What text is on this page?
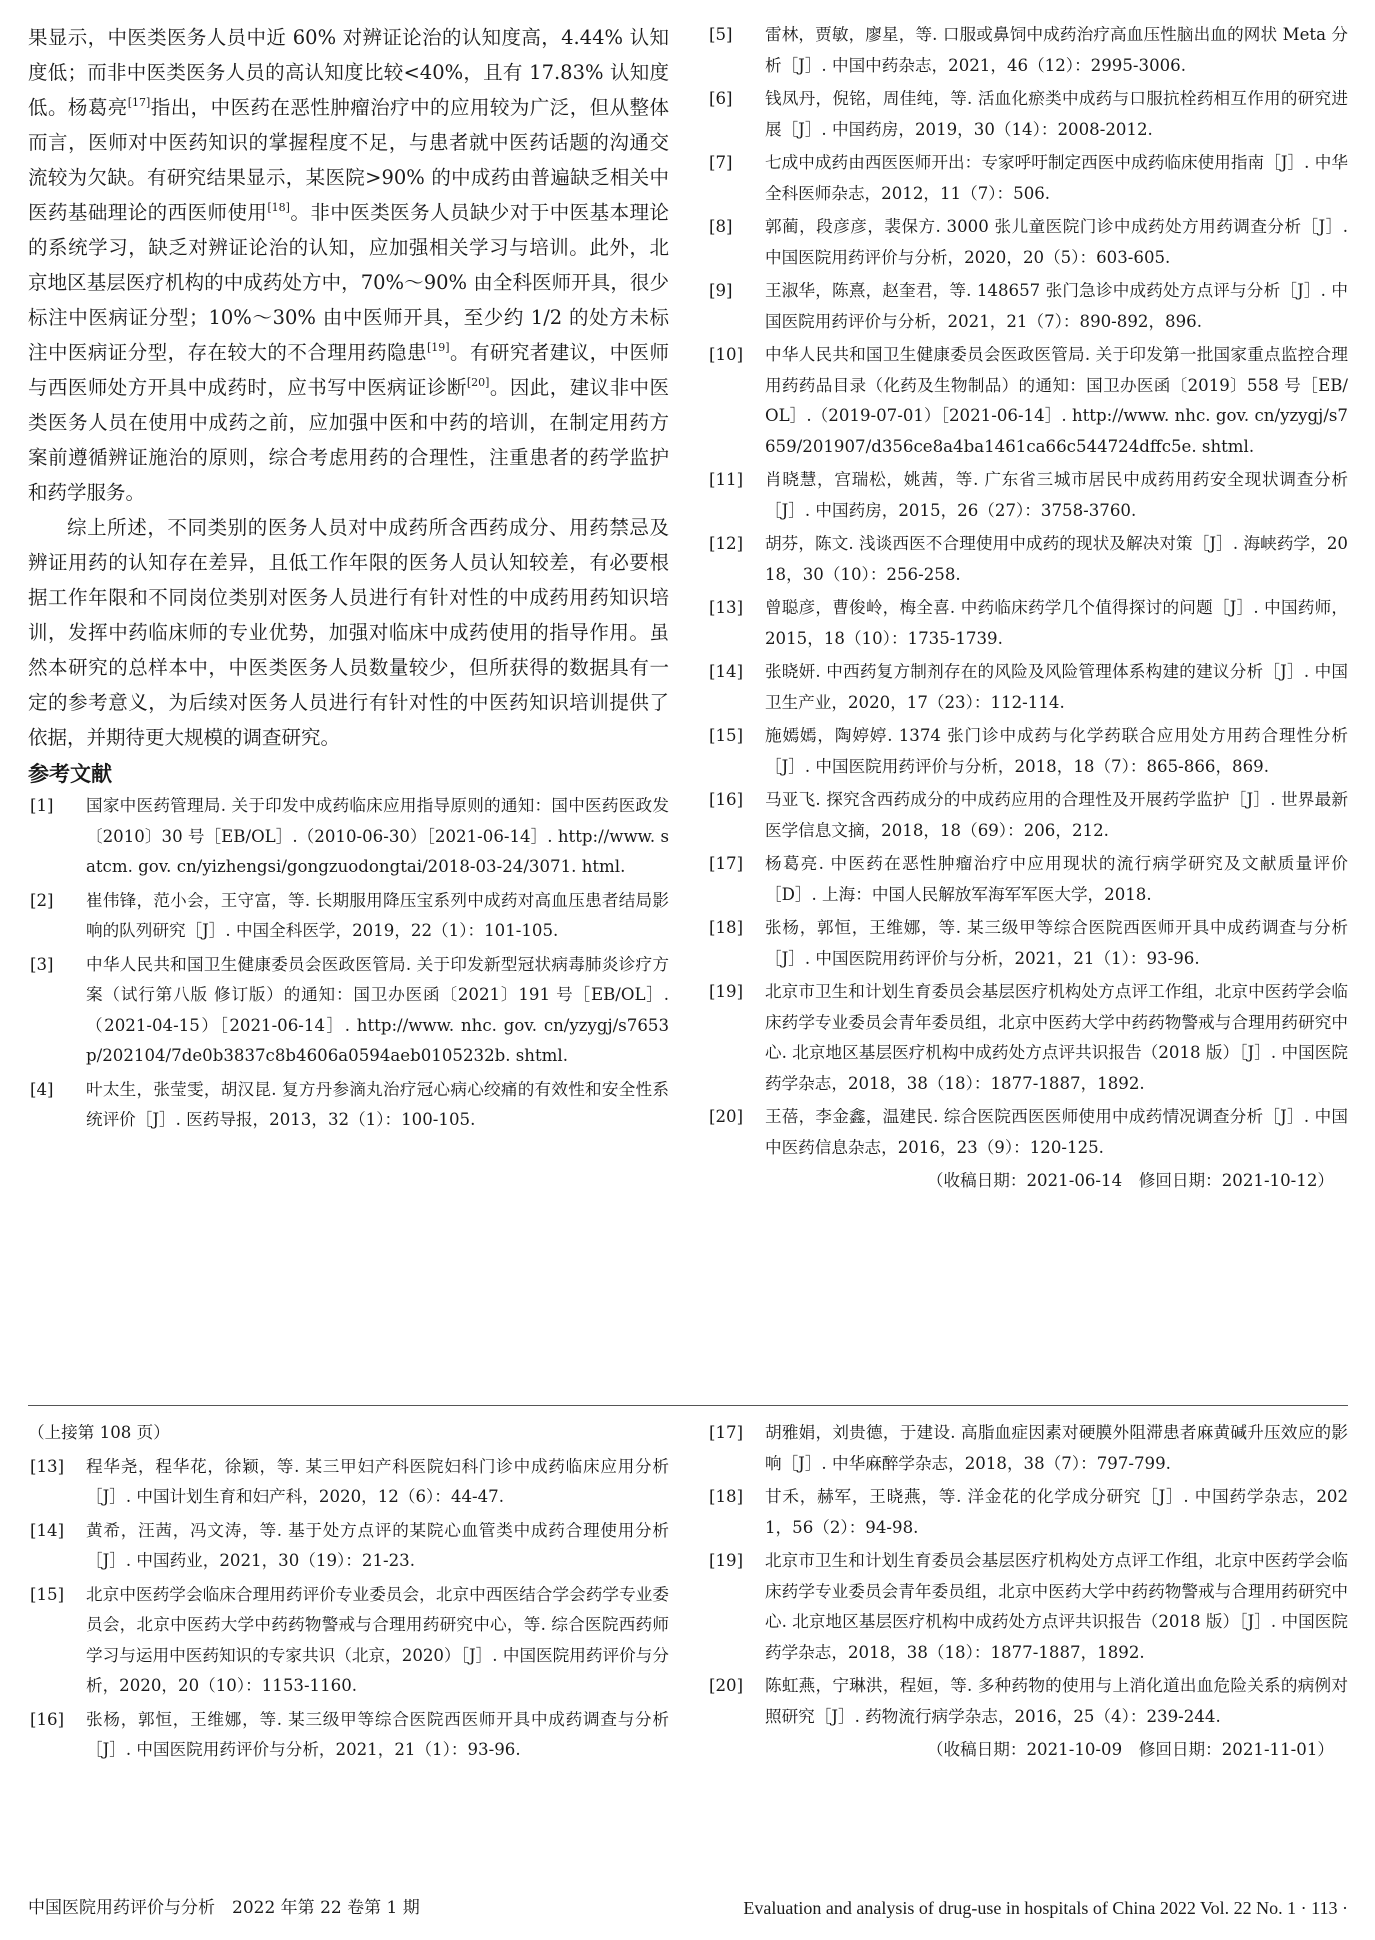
果显示，中医类医务人员中近 60% 对辨证论治的认知度高，4.44% 认知度低；而非中医类医务人员的高认知度比较<40%，且有 17.83% 认知度低。杨葛亮[17]指出，中医药在恶性肿瘤治疗中的应用较为广泛，但从整体而言，医师对中医药知识的掌握程度不足，与患者就中医药话题的沟通交流较为欠缺。有研究结果显示，某医院>90% 的中成药由普遍缺乏相关中医药基础理论的西医师使用[18]。非中医类医务人员缺少对于中医基本理论的系统学习，缺乏对辨证论治的认知，应加强相关学习与培训。此外，北京地区基层医疗机构的中成药处方中，70%～90% 由全科医师开具，很少标注中医病证分型；10%～30% 由中医师开具，至少约 1/2 的处方未标注中医病证分型，存在较大的不合理用药隐患[19]。有研究者建议，中医师与西医师处方开具中成药时，应书写中医病证诊断[20]。因此，建议非中医类医务人员在使用中成药之前，应加强中医和中药的培训，在制定用药方案前遵循辨证施治的原则，综合考虑用药的合理性，注重患者的药学监护和药学服务。

综上所述，不同类别的医务人员对中成药所含西药成分、用药禁忌及辨证用药的认知存在差异，且低工作年限的医务人员认知较差，有必要根据工作年限和不同岗位类别对医务人员进行有针对性的中成药用药知识培训，发挥中药临床师的专业优势，加强对临床中成药使用的指导作用。虽然本研究的总样本中，中医类医务人员数量较少，但所获得的数据具有一定的参考意义，为后续对医务人员进行有针对性的中医药知识培训提供了依据，并期待更大规模的调查研究。

参考文献
[1]	国家中医药管理局. 关于印发中成药临床应用指导原则的通知：国中医药医政发〔2010〕30 号［EB/OL］.（2010-06-30）［2021-06-14］. http://www. satcm. gov. cn/yizhengsi/gongzuodongtai/2018-03-24/3071. html.
[2]	崔伟锋，范小会，王守富，等. 长期服用降压宝系列中成药对高血压患者结局影响的队列研究［J］. 中国全科医学，2019，22（1）：101-105.
[3]	中华人民共和国卫生健康委员会医政医管局. 关于印发新型冠状病毒肺炎诊疗方案（试行第八版 修订版）的通知：国卫办医函〔2021〕191 号［EB/OL］.（2021-04-15）［2021-06-14］. http://www. nhc. gov. cn/yzygj/s7653p/202104/7de0b3837c8b4606a0594aeb0105232b. shtml.
[4]	叶太生，张莹雯，胡汉昆. 复方丹参滴丸治疗冠心病心绞痛的有效性和安全性系统评价［J］. 医药导报，2013，32（1）：100-105.
[5]	雷林，贾敏，廖星，等. 口服或鼻饲中成药治疗高血压性脑出血的网状 Meta 分析［J］. 中国中药杂志，2021，46（12）：2995-3006.
[6]	钱凤丹，倪铭，周佳纯，等. 活血化瘀类中成药与口服抗栓药相互作用的研究进展［J］. 中国药房，2019，30（14）：2008-2012.
[7]	七成中成药由西医医师开出：专家呼吁制定西医中成药临床使用指南［J］. 中华全科医师杂志，2012，11（7）：506.
[8]	郭蔺，段彦彦，裴保方. 3000 张儿童医院门诊中成药处方用药调查分析［J］. 中国医院用药评价与分析，2020，20（5）：603-605.
[9]	王淑华，陈熹，赵奎君，等. 148657 张门急诊中成药处方点评与分析［J］. 中国医院用药评价与分析，2021，21（7）：890-892，896.
[10]	中华人民共和国卫生健康委员会医政医管局. 关于印发第一批国家重点监控合理用药药品目录（化药及生物制品）的通知：国卫办医函〔2019〕558 号［EB/OL］.（2019-07-01）［2021-06-14］. http://www. nhc. gov. cn/yzygj/s7659/201907/d356ce8a4ba1461ca66c544724dffc5e. shtml.
[11]	肖晓慧，宫瑞松，姚茜，等. 广东省三城市居民中成药用药安全现状调查分析［J］. 中国药房，2015，26（27）：3758-3760.
[12]	胡芬，陈文. 浅谈西医不合理使用中成药的现状及解决对策［J］. 海峡药学，2018，30（10）：256-258.
[13]	曾聪彦，曹俊岭，梅全喜. 中药临床药学几个值得探讨的问题［J］. 中国药师，2015，18（10）：1735-1739.
[14]	张晓妍. 中西药复方制剂存在的风险及风险管理体系构建的建议分析［J］. 中国卫生产业，2020，17（23）：112-114.
[15]	施嫣嫣，陶婷婷. 1374 张门诊中成药与化学药联合应用处方用药合理性分析［J］. 中国医院用药评价与分析，2018，18（7）：865-866，869.
[16]	马亚飞. 探究含西药成分的中成药应用的合理性及开展药学监护［J］. 世界最新医学信息文摘，2018，18（69）：206，212.
[17]	杨葛亮. 中医药在恶性肿瘤治疗中应用现状的流行病学研究及文献质量评价［D］. 上海：中国人民解放军海军军医大学，2018.
[18]	张杨，郭恒，王维娜，等. 某三级甲等综合医院西医师开具中成药调查与分析［J］. 中国医院用药评价与分析，2021，21（1）：93-96.
[19]	北京市卫生和计划生育委员会基层医疗机构处方点评工作组，北京中医药学会临床药学专业委员会青年委员组，北京中医药大学中药药物警戒与合理用药研究中心. 北京地区基层医疗机构中成药处方点评共识报告（2018 版）［J］. 中国医院药学杂志，2018，38（18）：1877-1887，1892.
[20]	王蓓，李金鑫，温建民. 综合医院西医医师使用中成药情况调查分析［J］. 中国中医药信息杂志，2016，23（9）：120-125.

（收稿日期：2021-06-14　修回日期：2021-10-12）

（上接第 108 页）

[13]	程华尧，程华花，徐颖，等. 某三甲妇产科医院妇科门诊中成药临床应用分析［J］. 中国计划生育和妇产科，2020，12（6）：44-47.
[14]	黄希，汪茜，冯文涛，等. 基于处方点评的某院心血管类中成药合理使用分析［J］. 中国药业，2021，30（19）：21-23.
[15]	北京中医药学会临床合理用药评价专业委员会，北京中西医结合学会药学专业委员会，北京中医药大学中药药物警戒与合理用药研究中心，等. 综合医院西药师学习与运用中医药知识的专家共识（北京，2020）［J］. 中国医院用药评价与分析，2020，20（10）：1153-1160.
[16]	张杨，郭恒，王维娜，等. 某三级甲等综合医院西医师开具中成药调查与分析［J］. 中国医院用药评价与分析，2021，21（1）：93-96.
[17]	胡雅娟，刘贵德，于建设. 高脂血症因素对硬膜外阻滞患者麻黄碱升压效应的影响［J］. 中华麻醉学杂志，2018，38（7）：797-799.
[18]	甘禾，赫军，王晓燕，等. 洋金花的化学成分研究［J］. 中国药学杂志，2021，56（2）：94-98.
[19]	北京市卫生和计划生育委员会基层医疗机构处方点评工作组，北京中医药学会临床药学专业委员会青年委员组，北京中医药大学中药药物警戒与合理用药研究中心. 北京地区基层医疗机构中成药处方点评共识报告（2018 版）［J］. 中国医院药学杂志，2018，38（18）：1877-1887，1892.
[20]	陈虹燕，宁琳洪，程姮，等. 多种药物的使用与上消化道出血危险关系的病例对照研究［J］. 药物流行病学杂志，2016，25（4）：239-244.

（收稿日期：2021-10-09　修回日期：2021-11-01）

中国医院用药评价与分析　2022 年第 22 卷第 1 期	Evaluation and analysis of drug-use in hospitals of China 2022 Vol. 22 No. 1 · 113 ·
